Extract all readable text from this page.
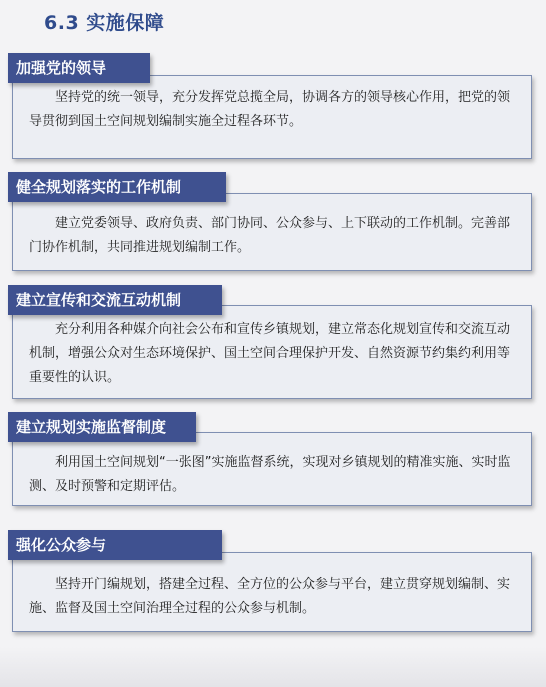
6.3 实施保障

坚持党的统一领导，充分发挥党总揽全局，协调各方的领导核心作用，把党的领导贯彻到国土空间规划编制实施全过程各环节。

加强党的领导

建立党委领导、政府负责、部门协同、公众参与、上下联动的工作机制。完善部门协作机制，共同推进规划编制工作。

健全规划落实的工作机制

充分利用各种媒介向社会公布和宣传乡镇规划，建立常态化规划宣传和交流互动机制，增强公众对生态环境保护、国土空间合理保护开发、自然资源节约集约利用等重要性的认识。

建立宣传和交流互动机制

利用国土空间规划“一张图”实施监督系统，实现对乡镇规划的精准实施、实时监测、及时预警和定期评估。

建立规划实施监督制度

坚持开门编规划，搭建全过程、全方位的公众参与平台，建立贯穿规划编制、实施、监督及国土空间治理全过程的公众参与机制。

强化公众参与
